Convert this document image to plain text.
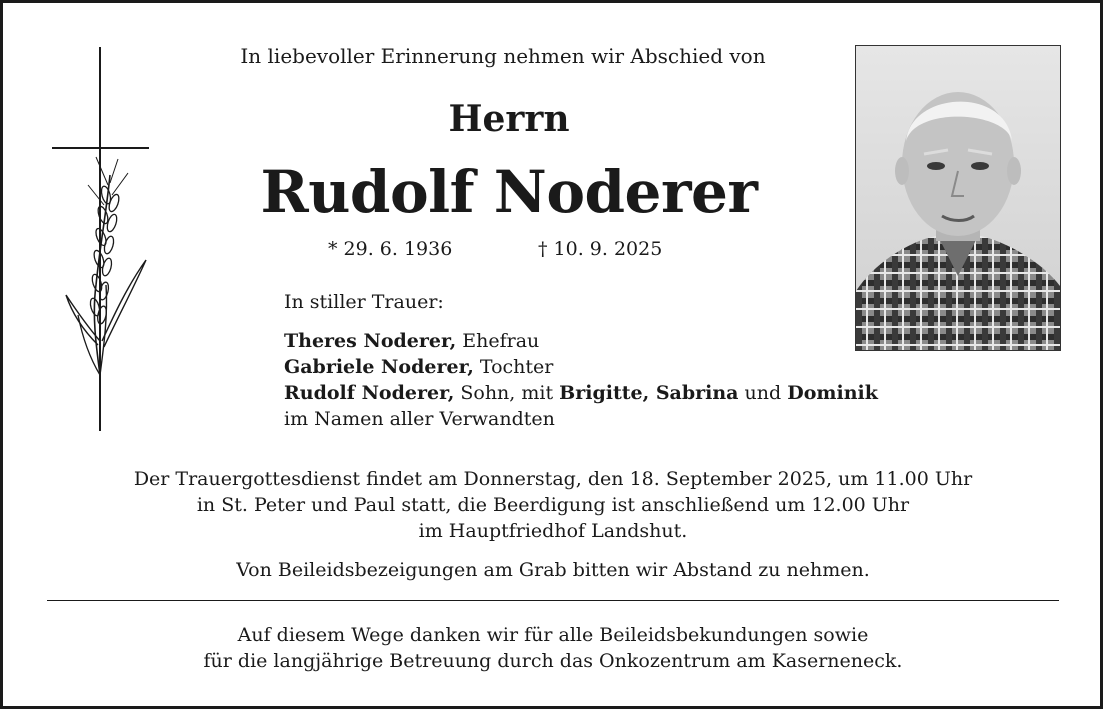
In liebevoller Erinnerung nehmen wir Abschied von
Herrn
Rudolf Noderer
* 29. 6. 1936	† 10. 9. 2025
In stiller Trauer:
Theres Noderer, Ehefrau
Gabriele Noderer, Tochter
Rudolf Noderer, Sohn, mit Brigitte, Sabrina und Dominik
im Namen aller Verwandten
Der Trauergottesdienst findet am Donnerstag, den 18. September 2025, um 11.00 Uhr
in St. Peter und Paul statt, die Beerdigung ist anschließend um 12.00 Uhr
im Hauptfriedhof Landshut.
Von Beileidsbezeigungen am Grab bitten wir Abstand zu nehmen.
Auf diesem Wege danken wir für alle Beileidsbekundungen sowie
für die langjährige Betreuung durch das Onkozentrum am Kaserneneck.
